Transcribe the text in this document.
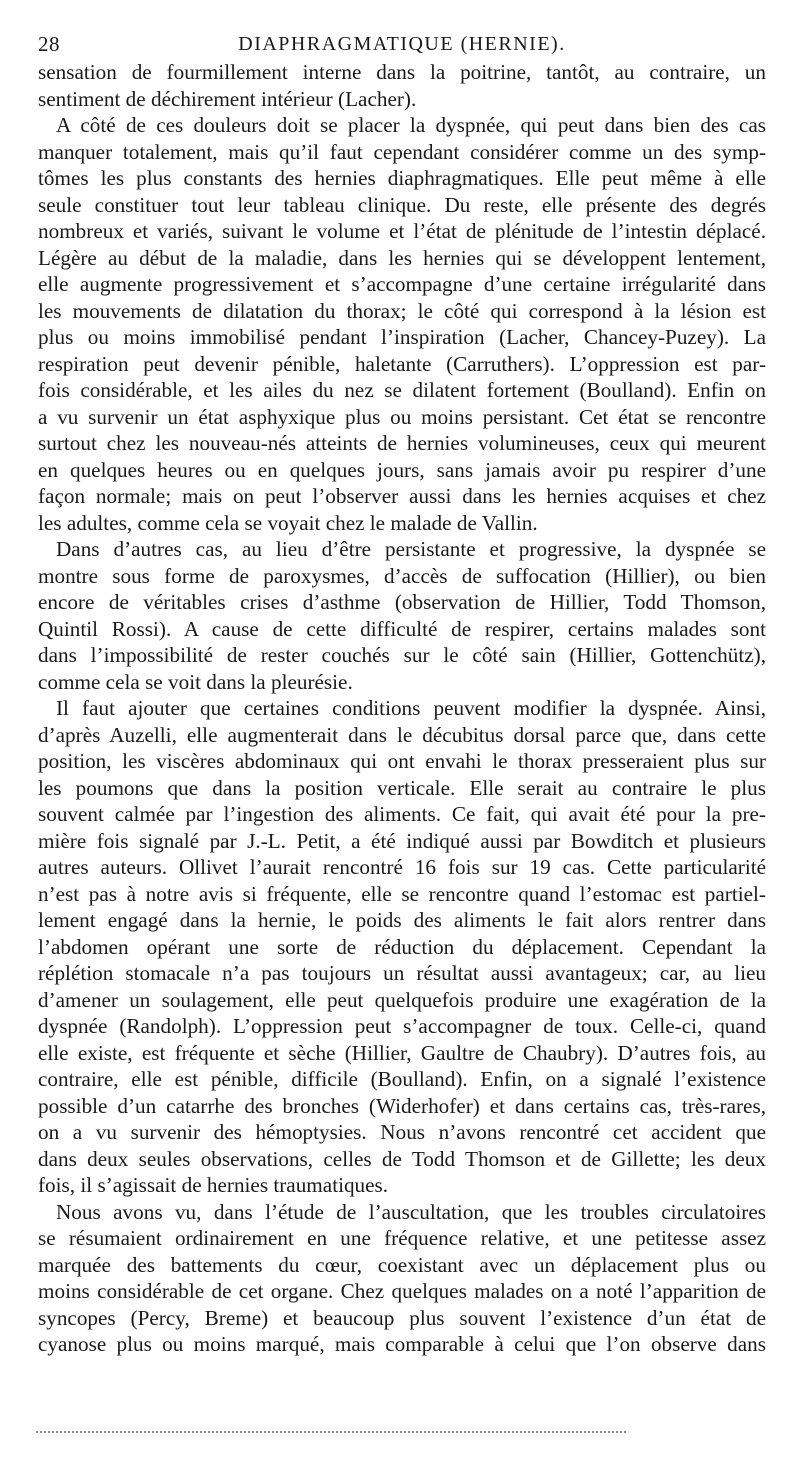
28	DIAPHRAGMATIQUE (HERNIE).

sensation de fourmillement interne dans la poitrine, tantôt, au contraire, un
sentiment de déchirement intérieur (Lacher).

A côté de ces douleurs doit se placer la dyspnée, qui peut dans bien des cas
manquer totalement, mais qu’il faut cependant considérer comme un des symp-
tômes les plus constants des hernies diaphragmatiques. Elle peut même à elle
seule constituer tout leur tableau clinique. Du reste, elle présente des degrés
nombreux et variés, suivant le volume et l’état de plénitude de l’intestin déplacé.
Légère au début de la maladie, dans les hernies qui se développent lentement,
elle augmente progressivement et s’accompagne d’une certaine irrégularité dans
les mouvements de dilatation du thorax; le côté qui correspond à la lésion est
plus ou moins immobilisé pendant l’inspiration (Lacher, Chancey-Puzey). La
respiration peut devenir pénible, haletante (Carruthers). L’oppression est par-
fois considérable, et les ailes du nez se dilatent fortement (Boulland). Enfin on
a vu survenir un état asphyxique plus ou moins persistant. Cet état se rencontre
surtout chez les nouveau-nés atteints de hernies volumineuses, ceux qui meurent
en quelques heures ou en quelques jours, sans jamais avoir pu respirer d’une
façon normale; mais on peut l’observer aussi dans les hernies acquises et chez
les adultes, comme cela se voyait chez le malade de Vallin.

Dans d’autres cas, au lieu d’être persistante et progressive, la dyspnée se
montre sous forme de paroxysmes, d’accès de suffocation (Hillier), ou bien
encore de véritables crises d’asthme (observation de Hillier, Todd Thomson,
Quintil Rossi). A cause de cette difficulté de respirer, certains malades sont
dans l’impossibilité de rester couchés sur le côté sain (Hillier, Gottenchütz),
comme cela se voit dans la pleurésie.

Il faut ajouter que certaines conditions peuvent modifier la dyspnée. Ainsi,
d’après Auzelli, elle augmenterait dans le décubitus dorsal parce que, dans cette
position, les viscères abdominaux qui ont envahi le thorax presseraient plus sur
les poumons que dans la position verticale. Elle serait au contraire le plus
souvent calmée par l’ingestion des aliments. Ce fait, qui avait été pour la pre-
mière fois signalé par J.-L. Petit, a été indiqué aussi par Bowditch et plusieurs
autres auteurs. Ollivet l’aurait rencontré 16 fois sur 19 cas. Cette particularité
n’est pas à notre avis si fréquente, elle se rencontre quand l’estomac est partiel-
lement engagé dans la hernie, le poids des aliments le fait alors rentrer dans
l’abdomen opérant une sorte de réduction du déplacement. Cependant la
réplétion stomacale n’a pas toujours un résultat aussi avantageux; car, au lieu
d’amener un soulagement, elle peut quelquefois produire une exagération de la
dyspnée (Randolph). L’oppression peut s’accompagner de toux. Celle-ci, quand
elle existe, est fréquente et sèche (Hillier, Gaultre de Chaubry). D’autres fois, au
contraire, elle est pénible, difficile (Boulland). Enfin, on a signalé l’existence
possible d’un catarrhe des bronches (Widerhofer) et dans certains cas, très-rares,
on a vu survenir des hémoptysies. Nous n’avons rencontré cet accident que
dans deux seules observations, celles de Todd Thomson et de Gillette; les deux
fois, il s’agissait de hernies traumatiques.

Nous avons vu, dans l’étude de l’auscultation, que les troubles circulatoires
se résumaient ordinairement en une fréquence relative, et une petitesse assez
marquée des battements du cœur, coexistant avec un déplacement plus ou
moins considérable de cet organe. Chez quelques malades on a noté l’apparition de
syncopes (Percy, Breme) et beaucoup plus souvent l’existence d’un état de
cyanose plus ou moins marqué, mais comparable à celui que l’on observe dans
